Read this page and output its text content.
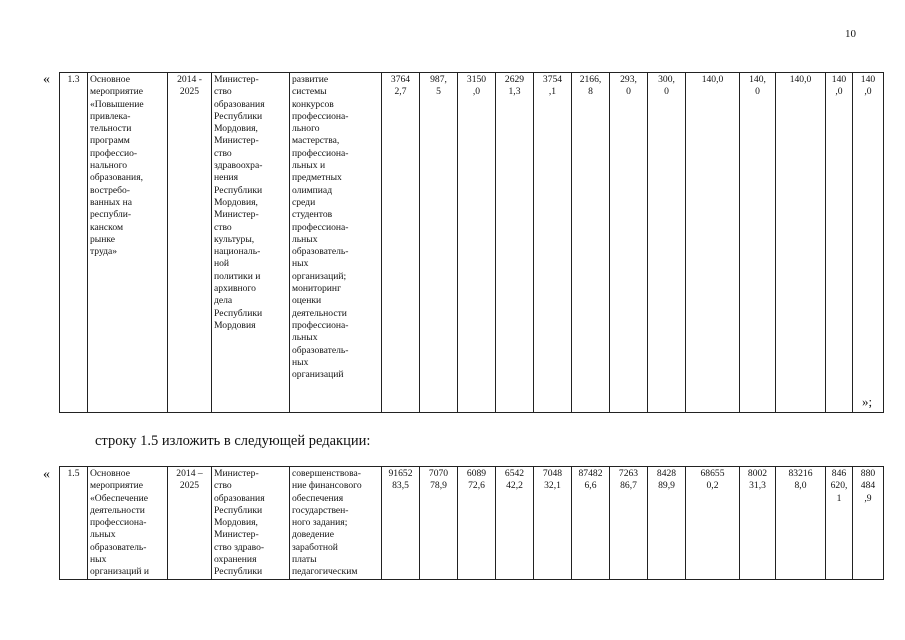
10
« 1.3	Основное
мероприятие
«Повышение
привлека-
тельности
программ
профессио-
нального
образования,
востребо-
ванных на
республи-
канском
рынке
труда»	2014 -
2025	Министер-
ство
образования
Республики
Мордовия,
Министер-
ство
здравоохра-
нения
Республики
Мордовия,
Министер-
ство
культуры,
националь-
ной
политики и
архивного
дела
Республики
Мордовия	развитие
системы
конкурсов
профессиона-
льного
мастерства,
профессиона-
льных и
предметных
олимпиад
среди
студентов
профессиона-
льных
образователь-
ных
организаций;
мониторинг
оценки
деятельности
профессиона-
льных
образователь-
ных
организаций	3764
2,7	987,
5	3150
,0	2629
1,3	3754
,1	2166,
8	293,
0	300,
0	140,0	140,
0	140,0	140
,0	140
,0
»;
строку 1.5 изложить в следующей редакции:
« 1.5	Основное
мероприятие
«Обеспечение
деятельности
профессиона-
льных
образователь-
ных
организаций и	2014 –
2025	Министер-
ство
образования
Республики
Мордовия,
Министер-
ство здраво-
охранения
Республики	совершенствова-
ние финансового
обеспечения
государствен-
ного задания;
доведение
заработной
платы
педагогическим	91652
83,5	7070
78,9	6089
72,6	6542
42,2	7048
32,1	87482
6,6	7263
86,7	8428
89,9	68655
0,2	8002
31,3	83216
8,0	846
620,
1	880
484
,9
